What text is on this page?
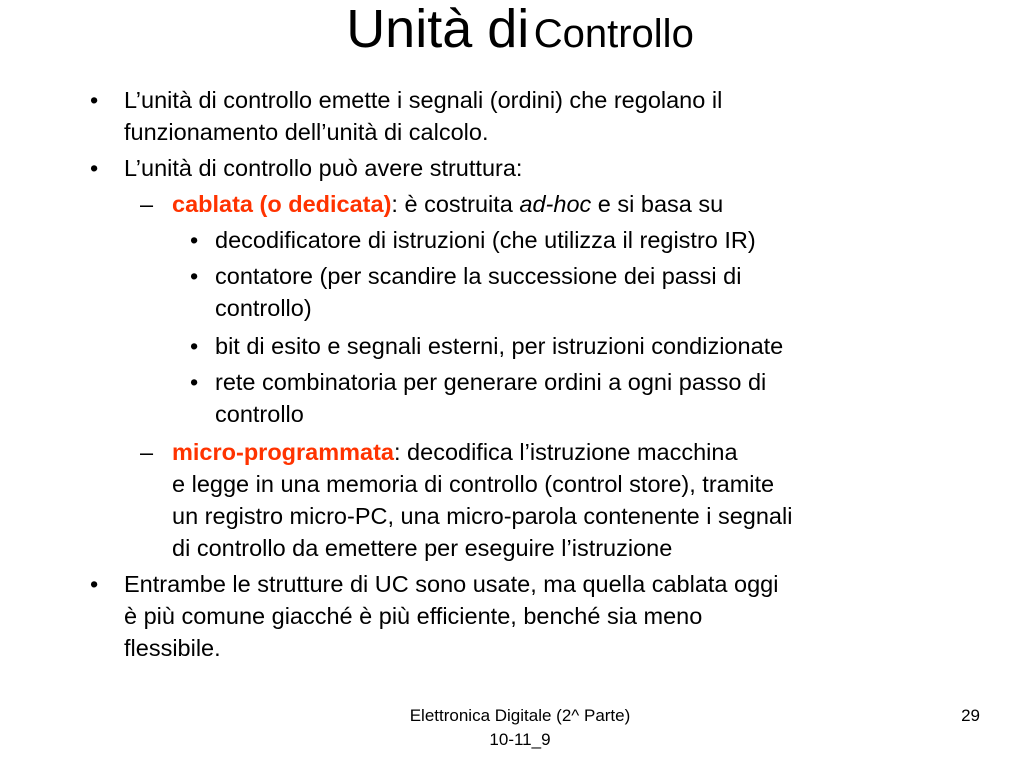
Unità di Controllo
• L’unità di controllo emette i segnali (ordini) che regolano il
funzionamento dell’unità di calcolo.
• L’unità di controllo può avere struttura:
– cablata (o dedicata): è costruita ad-hoc e si basa su
• decodificatore di istruzioni (che utilizza il registro IR)
• contatore (per scandire la successione dei passi di
controllo)
• bit di esito e segnali esterni, per istruzioni condizionate
• rete combinatoria per generare ordini a ogni passo di
controllo
– micro-programmata: decodifica l’istruzione macchina
e legge in una memoria di controllo (control store), tramite
un registro micro-PC, una micro-parola contenente i segnali
di controllo da emettere per eseguire l’istruzione
• Entrambe le strutture di UC sono usate, ma quella cablata oggi
è più comune giacché è più efficiente, benché sia meno
flessibile.
Elettronica Digitale (2^ Parte)
10-11_9
29
